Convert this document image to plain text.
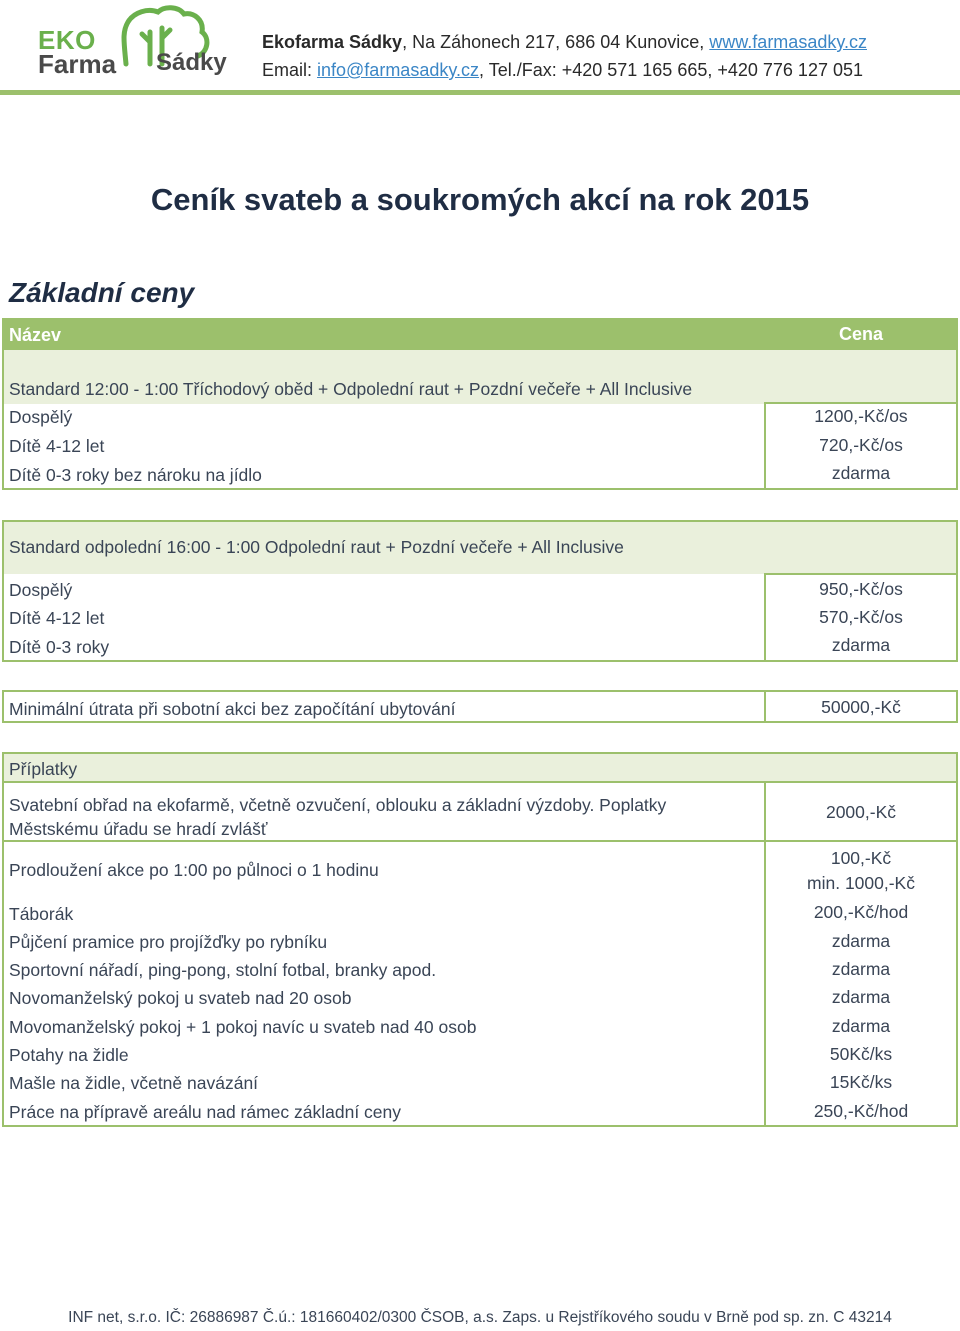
EKO
Farma Sádky
Ekofarma Sádky, Na Záhonech 217, 686 04 Kunovice, www.farmasadky.cz
Email: info@farmasadky.cz, Tel./Fax: +420 571 165 665, +420 776 127 051
Ceník svateb a soukromých akcí na rok 2015
Základní ceny
Název	Cena
Standard 12:00 - 1:00 Tříchodový oběd + Odpolední raut + Pozdní večeře + All Inclusive
Dospělý
Dítě 4-12 let
Dítě 0-3 roky bez nároku na jídlo
1200,-Kč/os
720,-Kč/os
zdarma
Standard odpolední 16:00 - 1:00 Odpolední raut + Pozdní večeře + All Inclusive
Dospělý
Dítě 4-12 let
Dítě 0-3 roky
950,-Kč/os
570,-Kč/os
zdarma
Minimální útrata při sobotní akci bez započítání ubytování	50000,-Kč
Příplatky
Svatební obřad na ekofarmě, včetně ozvučení, oblouku a základní výzdoby. Poplatky
Městskému úřadu se hradí zvlášť
2000,-Kč
Prodloužení akce po 1:00 po půlnoci o 1 hodinu
100,-Kč
min. 1000,-Kč
Táborák
Půjčení pramice pro projížďky po rybníku
Sportovní nářadí, ping-pong, stolní fotbal, branky apod.
Novomanželský pokoj u svateb nad 20 osob
Movomanželský pokoj + 1 pokoj navíc u svateb nad 40 osob
Potahy na židle
Mašle na židle, včetně navázání
Práce na přípravě areálu nad rámec základní ceny
200,-Kč/hod
zdarma
zdarma
zdarma
zdarma
50Kč/ks
15Kč/ks
250,-Kč/hod
INF net, s.r.o. IČ: 26886987 Č.ú.: 181660402/0300 ČSOB, a.s. Zaps. u Rejstříkového soudu v Brně pod sp. zn. C 43214
